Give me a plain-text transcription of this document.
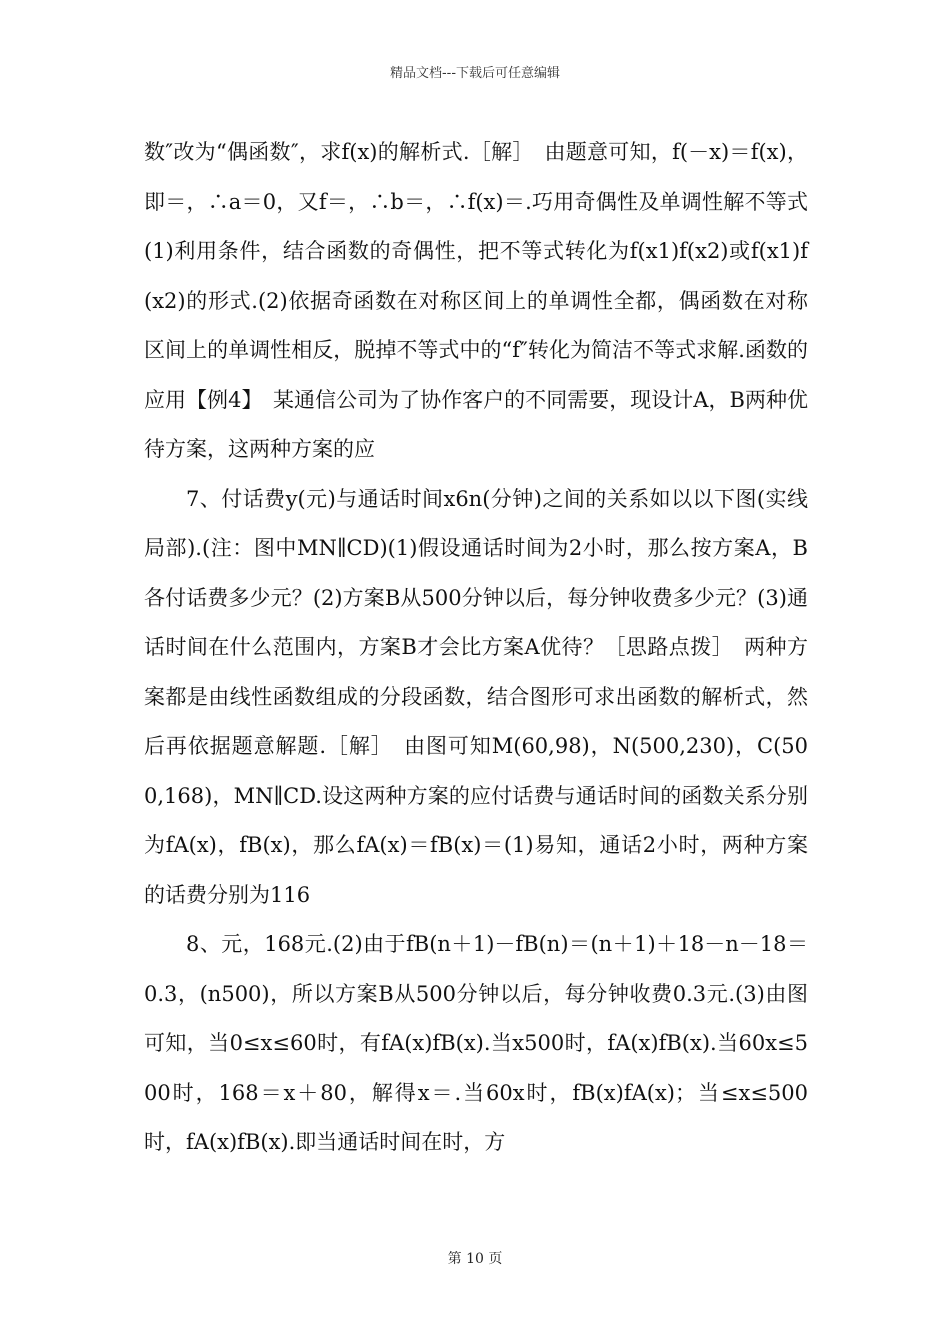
精品文档---下载后可任意编辑

数″改为“偶函数″，求f(x)的解析式.［解］　由题意可知，f(－x)＝f(x)，即＝，∴a＝0，又f＝，∴b＝，∴f(x)＝.巧用奇偶性及单调性解不等式(1)利用条件，结合函数的奇偶性，把不等式转化为f(x1)f(x2)或f(x1)f(x2)的形式.(2)依据奇函数在对称区间上的单调性全都，偶函数在对称区间上的单调性相反，脱掉不等式中的“f″转化为简洁不等式求解.函数的应用【例4】　某通信公司为了协作客户的不同需要，现设计A，B两种优待方案，这两种方案的应

7、付话费y(元)与通话时间x6n(分钟)之间的关系如以以下图(实线局部).(注：图中MN∥CD)(1)假设通话时间为2小时，那么按方案A，B各付话费多少元？(2)方案B从500分钟以后，每分钟收费多少元？(3)通话时间在什么范围内，方案B才会比方案A优待？［思路点拨］　两种方案都是由线性函数组成的分段函数，结合图形可求出函数的解析式，然后再依据题意解题.［解］　由图可知M(60,98)，N(500,230)，C(500,168)，MN∥CD.设这两种方案的应付话费与通话时间的函数关系分别为fA(x)，fB(x)，那么fA(x)＝fB(x)＝(1)易知，通话2小时，两种方案的话费分别为116

8、元，168元.(2)由于fB(n＋1)－fB(n)＝(n＋1)＋18－n－18＝0.3，(n500)，所以方案B从500分钟以后，每分钟收费0.3元.(3)由图可知，当0≤x≤60时，有fA(x)fB(x).当x500时，fA(x)fB(x).当60x≤500时，168＝x＋80，解得x＝.当60x时，fB(x)fA(x)；当≤x≤500时，fA(x)fB(x).即当通话时间在时，方

第 10 页
